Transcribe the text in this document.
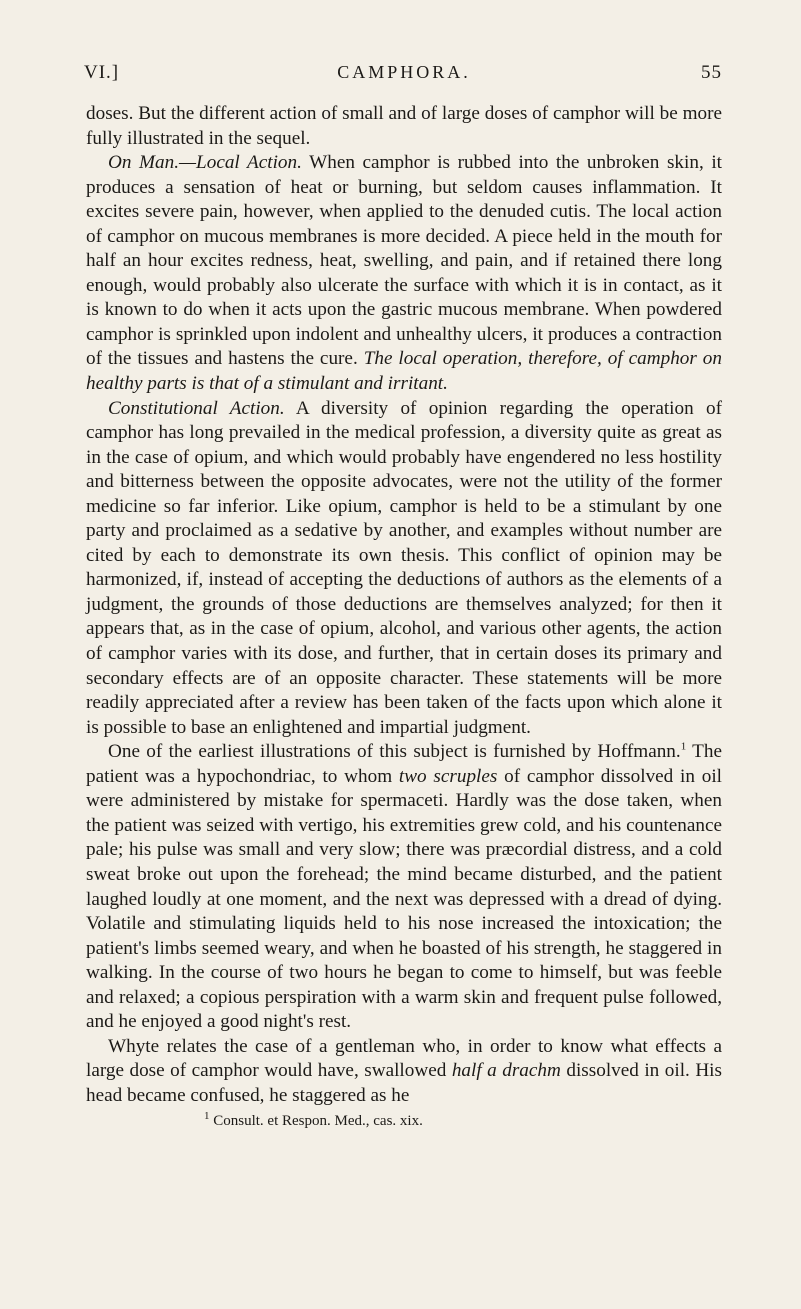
VI.]	CAMPHORA.	55

doses. But the different action of small and of large doses of camphor will be more fully illustrated in the sequel.

On Man.—Local Action. When camphor is rubbed into the unbroken skin, it produces a sensation of heat or burning, but seldom causes inflammation. It excites severe pain, however, when applied to the denuded cutis. The local action of camphor on mucous membranes is more decided. A piece held in the mouth for half an hour excites redness, heat, swelling, and pain, and if retained there long enough, would probably also ulcerate the surface with which it is in contact, as it is known to do when it acts upon the gastric mucous membrane. When powdered camphor is sprinkled upon indolent and unhealthy ulcers, it produces a contraction of the tissues and hastens the cure. The local operation, therefore, of camphor on healthy parts is that of a stimulant and irritant.

Constitutional Action. A diversity of opinion regarding the operation of camphor has long prevailed in the medical profession, a diversity quite as great as in the case of opium, and which would probably have engendered no less hostility and bitterness between the opposite advocates, were not the utility of the former medicine so far inferior. Like opium, camphor is held to be a stimulant by one party and proclaimed as a sedative by another, and examples without number are cited by each to demonstrate its own thesis. This conflict of opinion may be harmonized, if, instead of accepting the deductions of authors as the elements of a judgment, the grounds of those deductions are themselves analyzed; for then it appears that, as in the case of opium, alcohol, and various other agents, the action of camphor varies with its dose, and further, that in certain doses its primary and secondary effects are of an opposite character. These statements will be more readily appreciated after a review has been taken of the facts upon which alone it is possible to base an enlightened and impartial judgment.

One of the earliest illustrations of this subject is furnished by Hoffmann.$^1$ The patient was a hypochondriac, to whom two scruples of camphor dissolved in oil were administered by mistake for spermaceti. Hardly was the dose taken, when the patient was seized with vertigo, his extremities grew cold, and his countenance pale; his pulse was small and very slow; there was præcordial distress, and a cold sweat broke out upon the forehead; the mind became disturbed, and the patient laughed loudly at one moment, and the next was depressed with a dread of dying. Volatile and stimulating liquids held to his nose increased the intoxication; the patient's limbs seemed weary, and when he boasted of his strength, he staggered in walking. In the course of two hours he began to come to himself, but was feeble and relaxed; a copious perspiration with a warm skin and frequent pulse followed, and he enjoyed a good night's rest.

Whyte relates the case of a gentleman who, in order to know what effects a large dose of camphor would have, swallowed half a drachm dissolved in oil. His head became confused, he staggered as he

$^1$ Consult. et Respon. Med., cas. xix.
